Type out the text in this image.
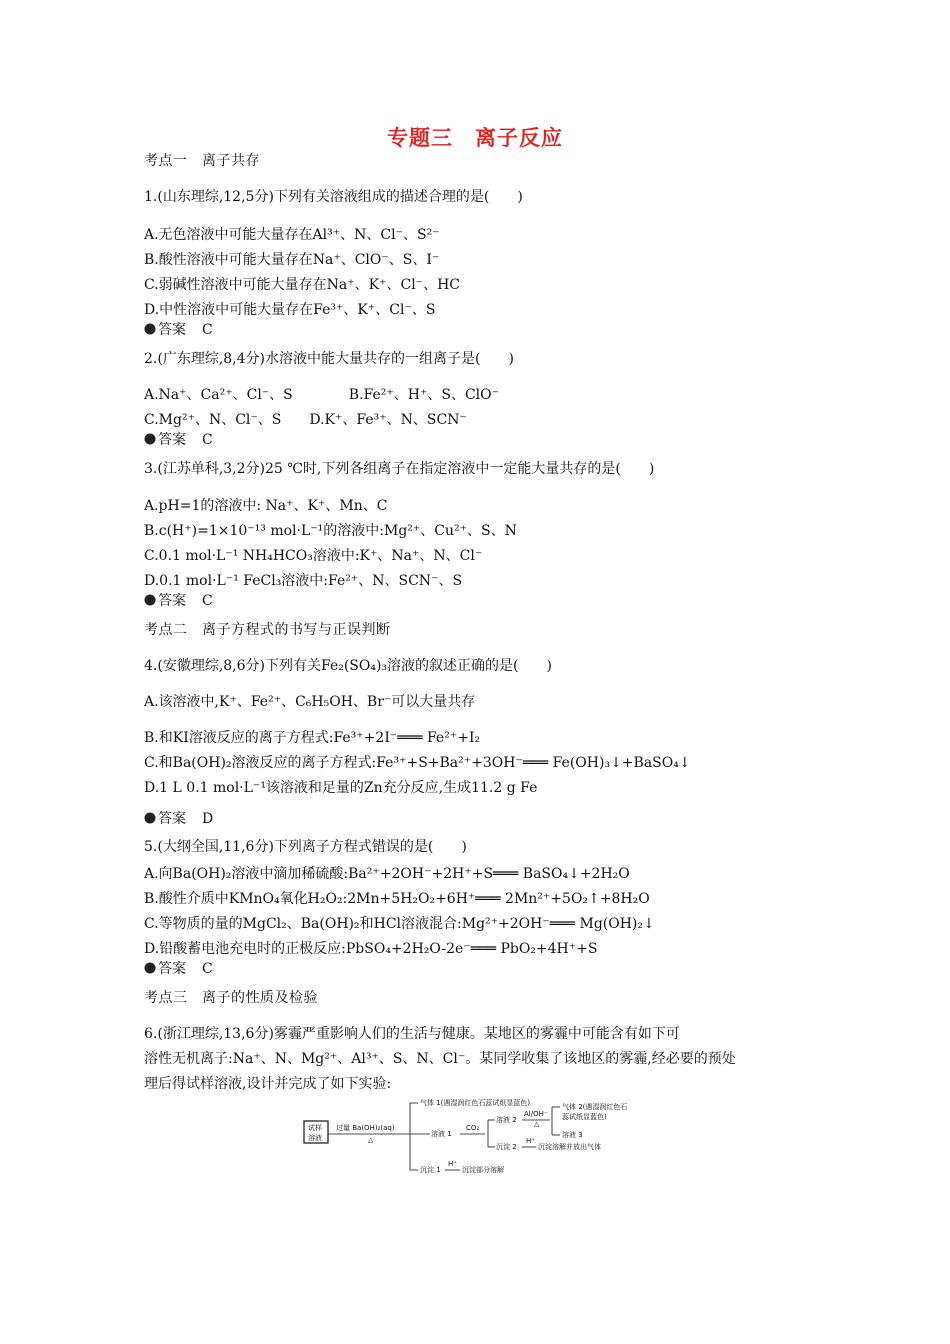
专题三　离子反应
考点一　离子共存
1.(山东理综,12,5分)下列有关溶液组成的描述合理的是(　　)
A.无色溶液中可能大量存在Al³⁺、N、Cl⁻、S²⁻
B.酸性溶液中可能大量存在Na⁺、ClO⁻、S、I⁻
C.弱碱性溶液中可能大量存在Na⁺、K⁺、Cl⁻、HC
D.中性溶液中可能大量存在Fe³⁺、K⁺、Cl⁻、S
答案 C
2.(广东理综,8,4分)水溶液中能大量共存的一组离子是(　　)
A.Na⁺、Ca²⁺、Cl⁻、S　　　　B.Fe²⁺、H⁺、S、ClO⁻
C.Mg²⁺、N、Cl⁻、S　　D.K⁺、Fe³⁺、N、SCN⁻
答案 C
3.(江苏单科,3,2分)25 ℃时,下列各组离子在指定溶液中一定能大量共存的是(　　)
A.pH=1的溶液中: Na⁺、K⁺、Mn、C
B.c(H⁺)=1×10⁻¹³ mol·L⁻¹的溶液中:Mg²⁺、Cu²⁺、S、N
C.0.1 mol·L⁻¹ NH₄HCO₃溶液中:K⁺、Na⁺、N、Cl⁻
D.0.1 mol·L⁻¹ FeCl₃溶液中:Fe²⁺、N、SCN⁻、S
答案 C
考点二　离子方程式的书写与正误判断
4.(安徽理综,8,6分)下列有关Fe₂(SO₄)₃溶液的叙述正确的是(　　)
A.该溶液中,K⁺、Fe²⁺、C₆H₅OH、Br⁻可以大量共存
B.和KI溶液反应的离子方程式:Fe³⁺+2I⁻═══ Fe²⁺+I₂
C.和Ba(OH)₂溶液反应的离子方程式:Fe³⁺+S+Ba²⁺+3OH⁻═══ Fe(OH)₃↓+BaSO₄↓
D.1 L 0.1 mol·L⁻¹该溶液和足量的Zn充分反应,生成11.2 g Fe
答案 D
5.(大纲全国,11,6分)下列离子方程式错误的是(　　)
A.向Ba(OH)₂溶液中滴加稀硫酸:Ba²⁺+2OH⁻+2H⁺+S═══ BaSO₄↓+2H₂O
B.酸性介质中KMnO₄氧化H₂O₂:2Mn+5H₂O₂+6H⁺═══ 2Mn²⁺+5O₂↑+8H₂O
C.等物质的量的MgCl₂、Ba(OH)₂和HCl溶液混合:Mg²⁺+2OH⁻═══ Mg(OH)₂↓
D.铅酸蓄电池充电时的正极反应:PbSO₄+2H₂O-2e⁻═══ PbO₂+4H⁺+S
答案 C
考点三　离子的性质及检验
6.(浙江理综,13,6分)雾霾严重影响人们的生活与健康。某地区的雾霾中可能含有如下可
溶性无机离子:Na⁺、N、Mg²⁺、Al³⁺、S、N、Cl⁻。某同学收集了该地区的雾霾,经必要的预处
理后得试样溶液,设计并完成了如下实验:
试样
溶液
过量 Ba(OH)₂(aq)
△
气体 1(遇湿润红色石蕊试纸显蓝色)
溶液 1
沉淀 1
H⁺
沉淀部分溶解
CO₂
溶液 2
沉淀 2
H⁺
沉淀溶解并放出气体
Al/OH⁻
△
气体 2(遇湿润红色石
蕊试纸显蓝色)
溶液 3
